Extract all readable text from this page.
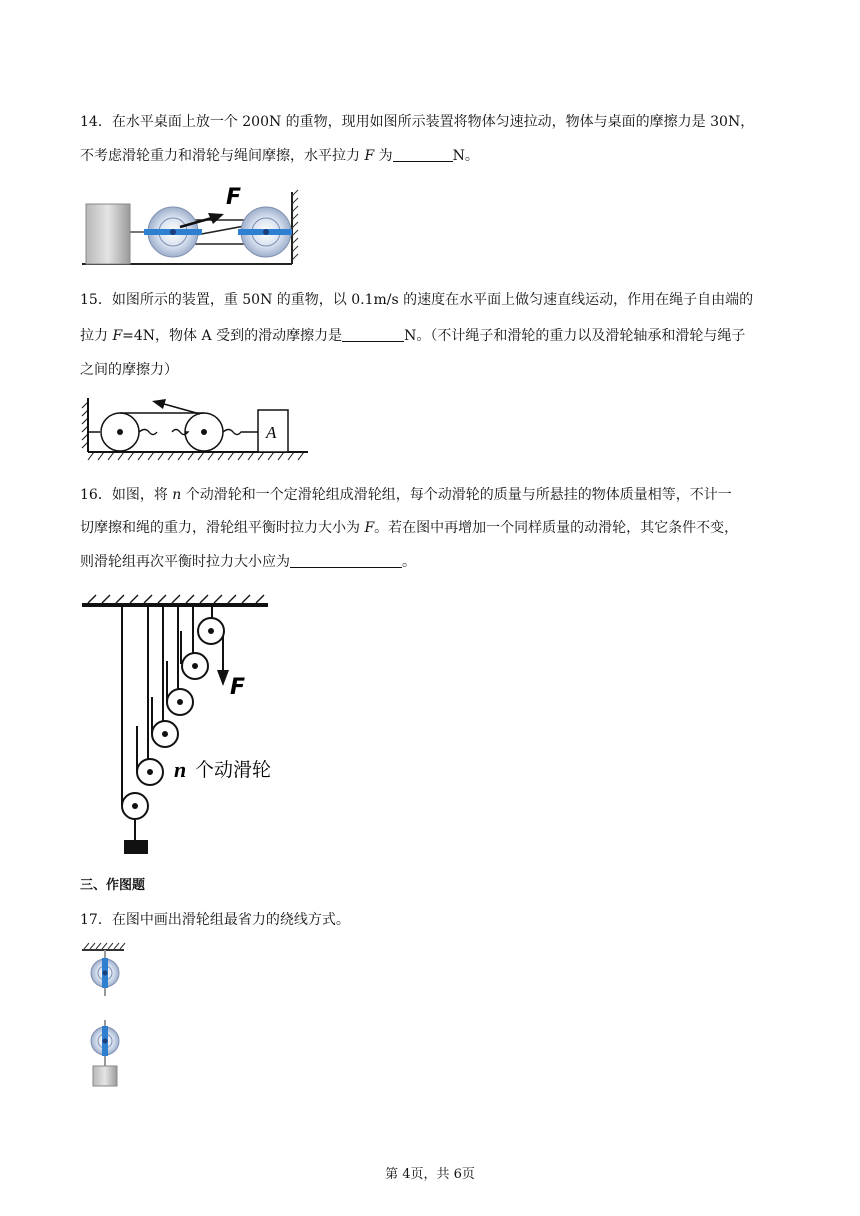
14．在水平桌面上放一个 200N 的重物，现用如图所示装置将物体匀速拉动，物体与桌面的摩擦力是 30N，
不考虑滑轮重力和滑轮与绳间摩擦，水平拉力 F 为	N。
F
15．如图所示的装置，重 50N 的重物，以 0.1m/s 的速度在水平面上做匀速直线运动，作用在绳子自由端的
拉力 F=4N，物体 A 受到的滑动摩擦力是	N。（不计绳子和滑轮的重力以及滑轮轴承和滑轮与绳子
之间的摩擦力）
A
16．如图，将 n 个动滑轮和一个定滑轮组成滑轮组，每个动滑轮的质量与所悬挂的物体质量相等，不计一
切摩擦和绳的重力，滑轮组平衡时拉力大小为 F。若在图中再增加一个同样质量的动滑轮，其它条件不变，
则滑轮组再次平衡时拉力大小应为	。
F
n 个动滑轮
三、作图题
17．在图中画出滑轮组最省力的绕线方式。
第 4页，共 6页
